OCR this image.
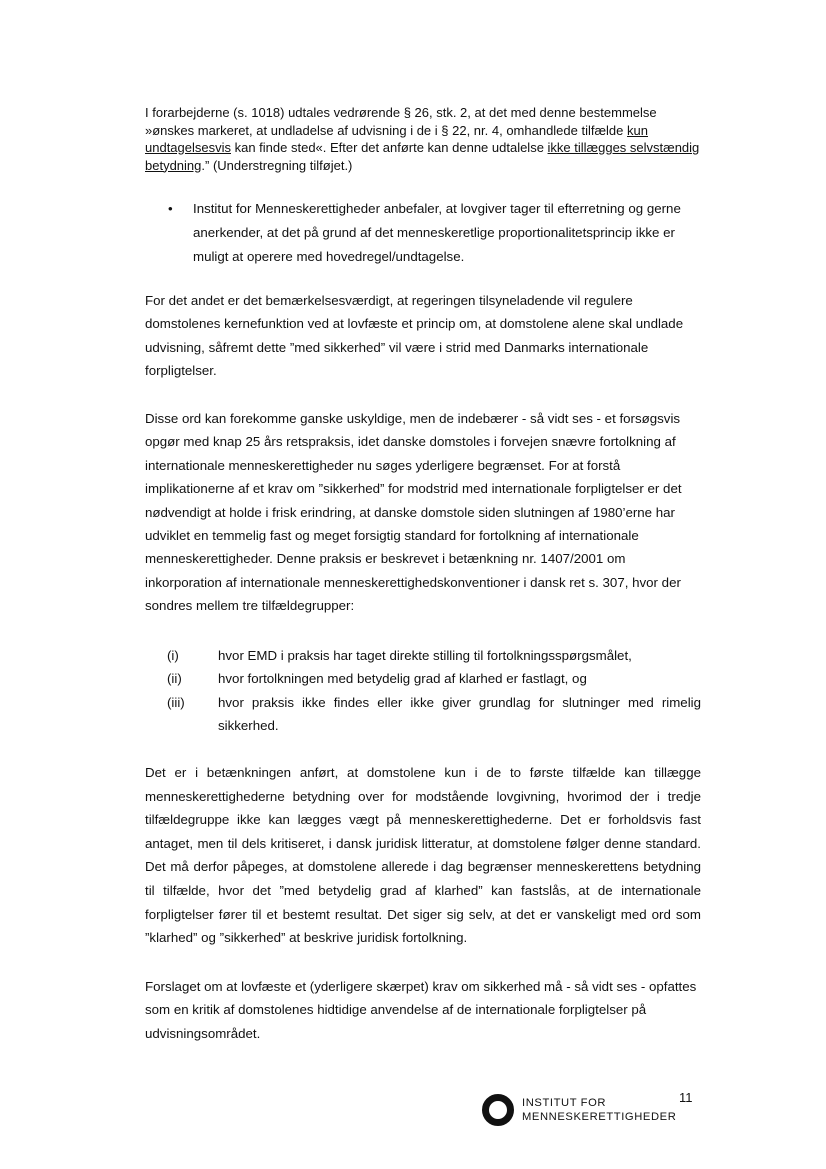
I forarbejderne (s. 1018) udtales vedrørende § 26, stk. 2, at det med denne bestemmelse »ønskes markeret, at undladelse af udvisning i de i § 22, nr. 4, omhandlede tilfælde kun undtagelsesvis kan finde sted«. Efter det anførte kan denne udtalelse ikke tillægges selvstændig betydning.” (Understregning tilføjet.)
• Institut for Menneskerettigheder anbefaler, at lovgiver tager til efterretning og gerne anerkender, at det på grund af det menneskeretlige proportionalitetsprincip ikke er muligt at operere med hovedregel/undtagelse.
For det andet er det bemærkelsesværdigt, at regeringen tilsyneladende vil regulere domstolenes kernefunktion ved at lovfæste et princip om, at domstolene alene skal undlade udvisning, såfremt dette ”med sikkerhed” vil være i strid med Danmarks internationale forpligtelser.
Disse ord kan forekomme ganske uskyldige, men de indebærer - så vidt ses - et forsøgsvis opgør med knap 25 års retspraksis, idet danske domstoles i forvejen snævre fortolkning af internationale menneskerettigheder nu søges yderligere begrænset. For at forstå implikationerne af et krav om ”sikkerhed” for modstrid med internationale forpligtelser er det nødvendigt at holde i frisk erindring, at danske domstole siden slutningen af 1980’erne har udviklet en temmelig fast og meget forsigtig standard for fortolkning af internationale menneskerettigheder. Denne praksis er beskrevet i betænkning nr. 1407/2001 om inkorporation af internationale menneskerettighedskonventioner i dansk ret s. 307, hvor der sondres mellem tre tilfældegrupper:
(i)	hvor EMD i praksis har taget direkte stilling til fortolkningsspørgsmålet,
(ii)	hvor fortolkningen med betydelig grad af klarhed er fastlagt, og
(iii)	hvor praksis ikke findes eller ikke giver grundlag for slutninger med rimelig sikkerhed.
Det er i betænkningen anført, at domstolene kun i de to første tilfælde kan tillægge menneskerettighederne betydning over for modstående lovgivning, hvorimod der i tredje tilfældegruppe ikke kan lægges vægt på menneskerettighederne. Det er forholdsvis fast antaget, men til dels kritiseret, i dansk juridisk litteratur, at domstolene følger denne standard. Det må derfor påpeges, at domstolene allerede i dag begrænser menneskerettens betydning til tilfælde, hvor det ”med betydelig grad af klarhed” kan fastslås, at de internationale forpligtelser fører til et bestemt resultat. Det siger sig selv, at det er vanskeligt med ord som ”klarhed” og ”sikkerhed” at beskrive juridisk fortolkning.
Forslaget om at lovfæste et (yderligere skærpet) krav om sikkerhed må - så vidt ses - opfattes som en kritik af domstolenes hidtidige anvendelse af de internationale forpligtelser på udvisningsområdet.
INSTITUT FOR
MENNESKERETTIGHEDER
11
